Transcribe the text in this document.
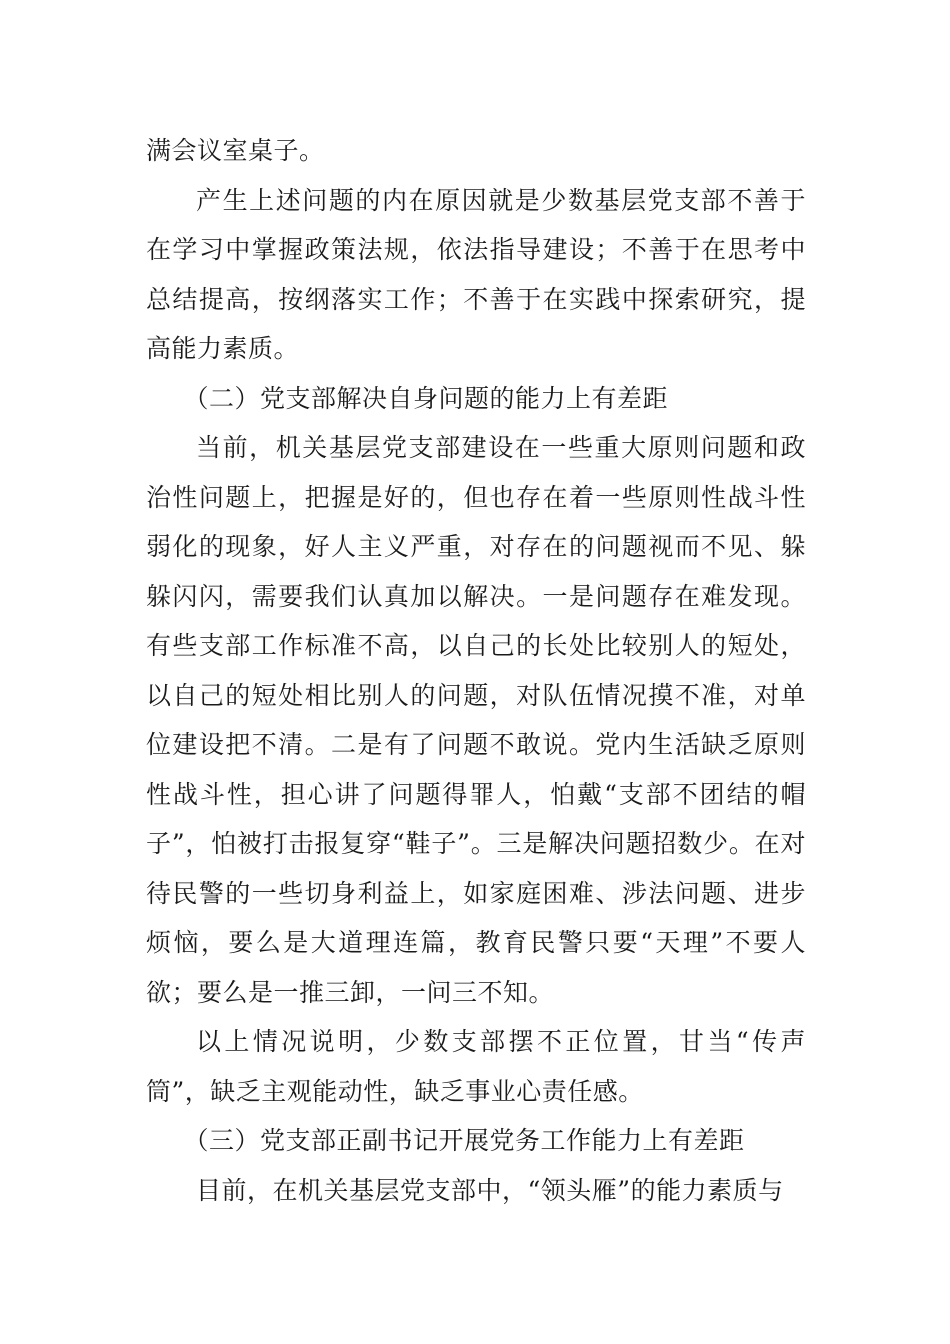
满会议室桌子。

产生上述问题的内在原因就是少数基层党支部不善于在学习中掌握政策法规，依法指导建设；不善于在思考中总结提高，按纲落实工作；不善于在实践中探索研究，提高能力素质。

（二）党支部解决自身问题的能力上有差距

当前，机关基层党支部建设在一些重大原则问题和政治性问题上，把握是好的，但也存在着一些原则性战斗性弱化的现象，好人主义严重，对存在的问题视而不见、躲躲闪闪，需要我们认真加以解决。一是问题存在难发现。有些支部工作标准不高，以自己的长处比较别人的短处，以自己的短处相比别人的问题，对队伍情况摸不准，对单位建设把不清。二是有了问题不敢说。党内生活缺乏原则性战斗性，担心讲了问题得罪人，怕戴“支部不团结的帽子”，怕被打击报复穿“鞋子”。三是解决问题招数少。在对待民警的一些切身利益上，如家庭困难、涉法问题、进步烦恼，要么是大道理连篇，教育民警只要“天理”不要人欲；要么是一推三卸，一问三不知。

以上情况说明，少数支部摆不正位置，甘当“传声筒”，缺乏主观能动性，缺乏事业心责任感。

（三）党支部正副书记开展党务工作能力上有差距

目前，在机关基层党支部中，“领头雁”的能力素质与
